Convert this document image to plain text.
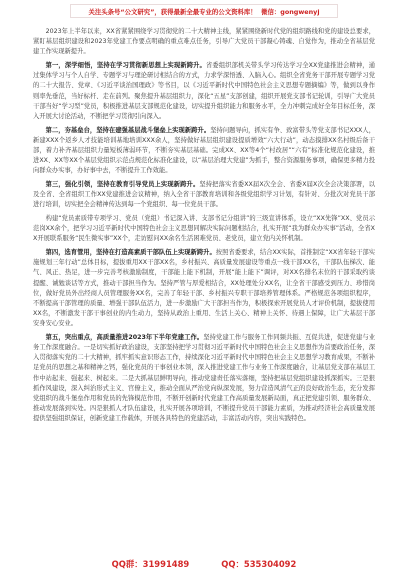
关注头条号“公文研究”，获得最新全最专业的公文资料库！  微信：gongwenyj

2023年上半年以来，XX省紧紧围绕学习贯彻党的二十大精神主线，紧紧围绕新时代党的组织路线和党的建设总要求，紧盯基层组织建设和2023年党建工作要点明确的重点难点任务，引导广大党员干部凝心铸魂、自觉作为，推动全省基层党建工作实现新提升。

第一，深学细悟，坚持在学习贯彻新思想上实现新跨升。省委组织部机关带头学习传达学习全XX党建推进会精神，通过集体学习与个人自学、专题学习与理论研讨相结合的方式，力求学深悟透、入脑入心。组织全省党务干部开展专题学习党的二十大报告、党章、《习近平谈治国理政》等书目，以《习近平新时代中国特色社会主义思想专题摘编》等，做到以身作则率先垂范，当好标杆、走在前列。聚焦提升基层组织力，深化“五星”支部创建，组织开展党支部书记轮训，引导广大党员干部当好“学习型”党员，积极推进基层支部规范化建设，切实提升组织能力和服务水平，全力冲刺完成好全年目标任务，深入开展大讨论活动，不断把学习贯彻引向深入。

第二，夯基垒台，坚持在建强基层战斗堡垒上实现新跨升。坚持问题导向，抓实有争、致富带头等党支部书记XXX人，新建XXX个返乡人才技能培训基地培训XXX余人，坚持做好基层组织建设提质增效“六大行动”，动态摸排XX名村级后备干部，着力补齐基层组织力量短板薄弱环节，不断夯实基层基础。完成XX、XX等4个“村改居”“六有”标准化规范化建设，推进XX、XX等XX个基层党组织示范点规范化标准化建设，以“基层治理大党建”为抓手，整合资源服务事项，确保更多精力投向群众办实事，办好事中去，不断提升工作效能。

第三，强化引领，坚持在教育引导党员上实现新跨升。坚持把落实省委XX届X次全会、省委X届X次全会决策部署，以及全省、全省组织工作XX党建推进会议精神，纳入全省干部教育培训和各级党组织学习计划，有针对、分批次对党员干部进行培训，切实把全会精神传达到每一个党组织、每一位党员干部。

构建“党员素质带专项学习、党员（党组）书记深入讲、支部书记分组讲”的三级宣讲体系，设立“XX先锋”XX、党员示范岗XX余个，把学习习近平新时代中国特色社会主义思想同解决实际问题相结合，扎实开展“我为群众办实事”活动，全省XX开展联系服务“民生微实事”XX个，走访慰问XX余名生活困难党员、老党员，建立党内关怀机制。

第四，选育管用，坚持在打造高素质干部队伍上实现新跨升。按照省委要求，结合XX实际，首推制定“XX省年轻干部实施规划三年行动”总体目标，提拔重用XX干部XX名，乡村振兴、高质量发展建设等重点一线干部XX名，干部队伍梯次、能气、风正、热足，进一步完善考核激励制度，干部能上能下机制，开展“能上能下”调评，对XX名排名末位的干部采取约谈提醒、诫勉谈话等方式，推动干部担当作为。坚持严管与厚爱相结合，XX处理处分XX名，让全省干部感受到压力、珍惜岗位，做好党员外出经商人员管理服务XX名，完善了年轻干部、乡村振兴专职干部培养管理体系。严格规范各项组织程序，不断提高干部管理的质量、增强干部队伍活力，进一步激励广大干部担当作为，积极探索开展党员人才评价机制，提拔使用XX名，不断激发干部干事创业的内生动力，坚持从政治上重用、生活上关心、精神上关怀、待遇上保障，让广大基层干部安身安心安业。

第五，突出重点，高质量推进2023年下半年党建工作。坚持党建工作与服务工作同频共振、互促共进，促进党建与业务工作深度融合。一是切实抓好政治建设，支部坚持把学习贯彻习近平新时代中国特色社会主义思想作为首要政治任务，深入贯彻落实党的二十大精神，抓牢抓实意识形态工作，持续深化习近平新时代中国特色社会主义思想学习教育成果，不断补足党员的思想之基和精神之钙，强化党员的干事创业本领，深入推进党建工作与业务工作深度融合，让基层党支部在基层工作中站起来、强起来、树起来。二是大抓基层鲜明导向，推动党建责任落实落细，坚持把基层党组织建设抓深抓实。三是狠抓作风建设，深入纠治形式主义、官僚主义，推动全面从严治党向纵深发展，努力营造风清气正的良好政治生态，充分发挥党组织的战斗堡垒作用和党员的先锋模范作用，不断开创新时代党建工作高质量发展新局面，真正把党建引领、服务群众、推动发展落到实处。四是狠抓人才队伍建设，扎实开展各项培训，不断提升党员干部能力素质，为推动经济社会高质量发展提供坚强组织保证，创新党建工作载体，开展各具特色的党建活动，丰富活动内容，突出实践特色。

QQ群：31991489	QQ：535304092
